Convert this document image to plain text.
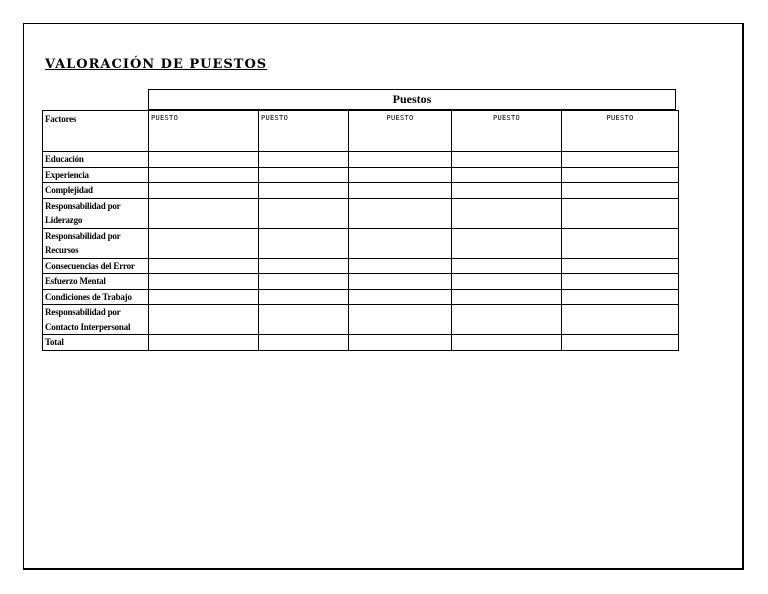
VALORACIÓN DE PUESTOS
Puestos
Factores	PUESTO	PUESTO	PUESTO	PUESTO	PUESTO
Educación					
Experiencia					
Complejidad					
Responsabilidad por Liderazgo					
Responsabilidad por Recursos					
Consecuencias del Error					
Esfuerzo Mental					
Condiciones de Trabajo					
Responsabilidad por Contacto Interpersonal					
Total					
